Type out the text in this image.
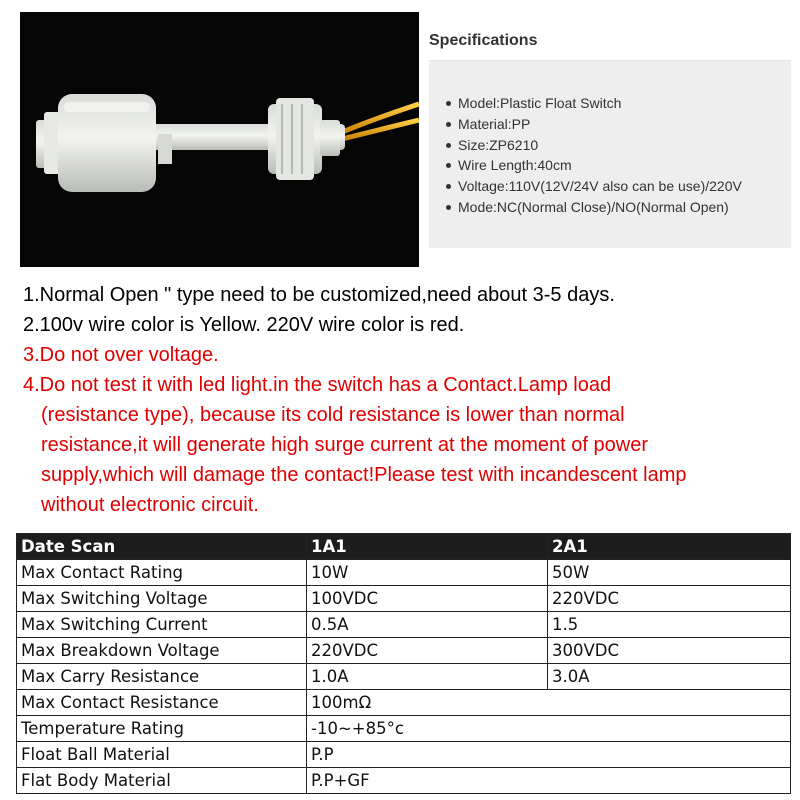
Specifications
Model:Plastic Float Switch
Material:PP
Size:ZP6210
Wire Length:40cm
Voltage:110V(12V/24V also can be use)/220V
Mode:NC(Normal Close)/NO(Normal Open)

1.Normal Open " type need to be customized,need about 3-5 days.

2.100v wire color is Yellow. 220V wire color is red.

3.Do not over voltage.

4.Do not test it with led light.in the switch has a Contact.Lamp load

(resistance type), because its cold resistance is lower than normal

resistance,it will generate high surge current at the moment of power

supply,which will damage the contact!Please test with incandescent lamp

without electronic circuit.

Date Scan	1A1	2A1
Max Contact Rating	10W	50W
Max Switching Voltage	100VDC	220VDC
Max Switching Current	0.5A	1.5
Max Breakdown Voltage	220VDC	300VDC
Max Carry Resistance	1.0A	3.0A
Max Contact Resistance	100mΩ	
Temperature Rating	-10~+85°c	
Float Ball Material	P.P	
Flat Body Material	P.P+GF	
